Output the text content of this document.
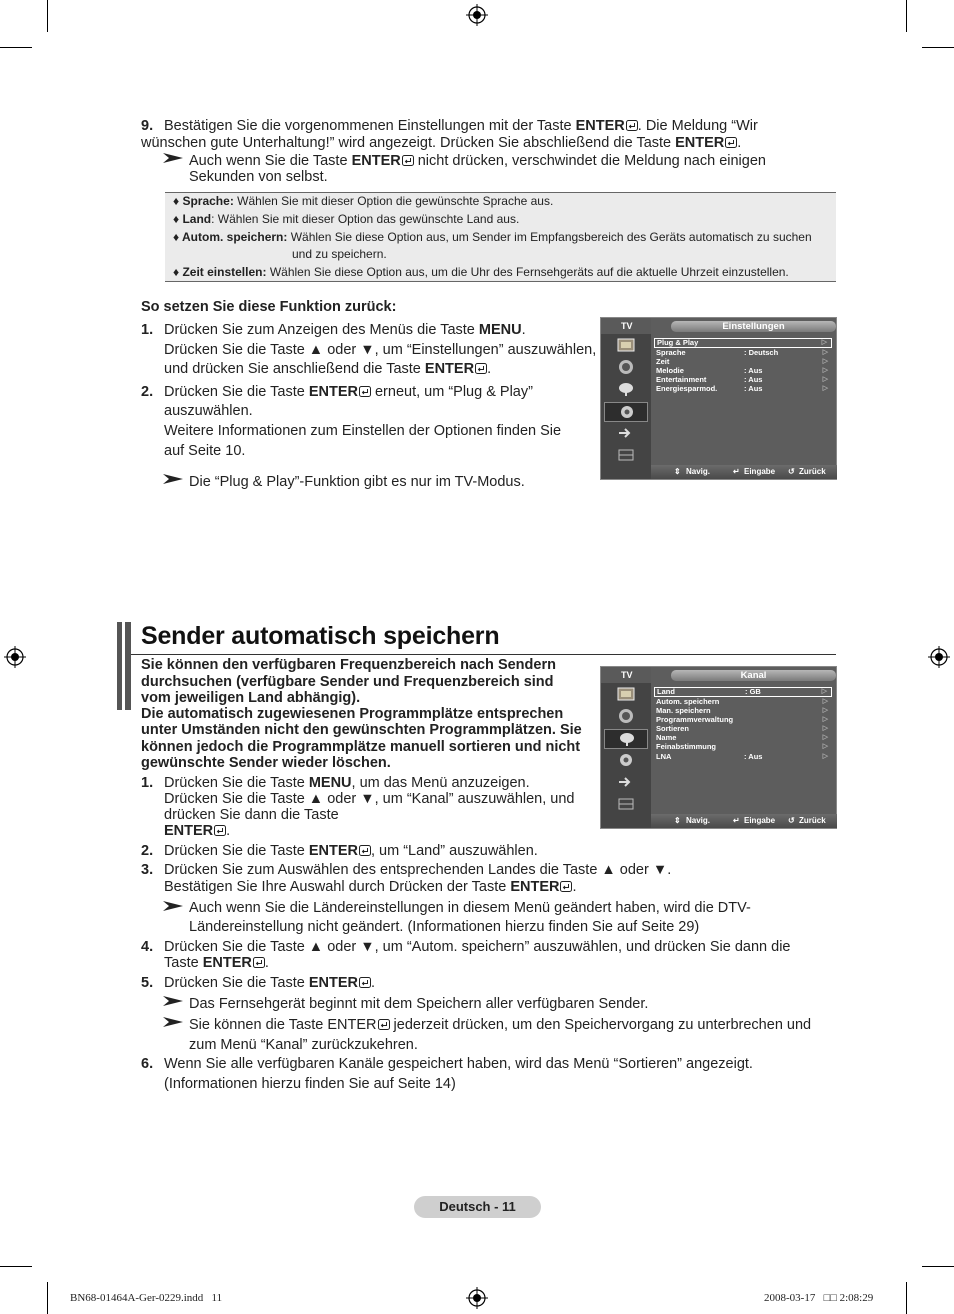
9. Bestätigen Sie die vorgenommenen Einstellungen mit der Taste ENTER . Die Meldung “Wir
wünschen gute Unterhaltung!” wird angezeigt. Drücken Sie abschließend die Taste ENTER .
Auch wenn Sie die Taste ENTER
nicht drücken, verschwindet die Meldung nach einigen
Sekunden von selbst.
♦ Sprache: Wählen Sie mit dieser Option die gewünschte Sprache aus.
♦ Land: Wählen Sie mit dieser Option das gewünschte Land aus.
♦ Autom. speichern: Wählen Sie diese Option aus, um Sender im Empfangsbereich des Geräts automatisch zu suchen
und zu speichern.
♦ Zeit einstellen: Wählen Sie diese Option aus, um die Uhr des Fernsehgeräts auf die aktuelle Uhrzeit einzustellen.
So setzen Sie diese Funktion zurück:
1. Drücken Sie zum Anzeigen des Menüs die Taste MENU.
Drücken Sie die Taste ▲ oder ▼, um “Einstellungen” auszuwählen,
und drücken Sie anschließend die Taste ENTER .
2. Drücken Sie die Taste ENTER
erneut, um “Plug & Play”
auszuwählen.
Weitere Informationen zum Einstellen der Optionen finden Sie
auf Seite 10.
Die “Plug & Play”-Funktion gibt es nur im TV-Modus.
TV	Einstellungen
Plug & Play	▷
Sprache	: Deutsch	▷
Zeit	▷
Melodie	: Aus	▷
Entertainment	: Aus	▷
Energiesparmod.	: Aus	▷
⇕ Navig.	↵ Eingabe ↺ Zurück
Sender automatisch speichern
Sie können den verfügbaren Frequenzbereich nach Sendern
durchsuchen (verfügbare Sender und Frequenzbereich sind
vom jeweiligen Land abhängig).
Die automatisch zugewiesenen Programmplätze entsprechen
unter Umständen nicht den gewünschten Programmplätzen. Sie
können jedoch die Programmplätze manuell sortieren und nicht
gewünschte Sender wieder löschen.
1. Drücken Sie die Taste MENU, um das Menü anzuzeigen.
Drücken Sie die Taste ▲ oder ▼, um “Kanal” auszuwählen, und
drücken Sie dann die Taste
ENTER .
2. Drücken Sie die Taste ENTER , um “Land” auszuwählen.
3. Drücken Sie zum Auswählen des entsprechenden Landes die Taste ▲ oder ▼.
Bestätigen Sie Ihre Auswahl durch Drücken der Taste ENTER .
Auch wenn Sie die Ländereinstellungen in diesem Menü geändert haben, wird die DTV-
Ländereinstellung nicht geändert. (Informationen hierzu finden Sie auf Seite 29)
4. Drücken Sie die Taste ▲ oder ▼, um “Autom. speichern” auszuwählen, und drücken Sie dann die
Taste ENTER .
5. Drücken Sie die Taste ENTER .
Das Fernsehgerät beginnt mit dem Speichern aller verfügbaren Sender.
Sie können die Taste ENTER
jederzeit drücken, um den Speichervorgang zu unterbrechen und
zum Menü “Kanal” zurückzukehren.
6. Wenn Sie alle verfügbaren Kanäle gespeichert haben, wird das Menü “Sortieren” angezeigt.
(Informationen hierzu finden Sie auf Seite 14)
TV	Kanal
Land	: GB	▷
Autom. speichern	▷
Man. speichern	▷
Programmverwaltung	▷
Sortieren	▷
Name	▷
Feinabstimmung	▷
LNA	: Aus	▷
⇕ Navig.	↵ Eingabe ↺ Zurück
Deutsch - 11
BN68-01464A-Ger-0229.indd   11	2008-03-17   □□ 2:08:29
